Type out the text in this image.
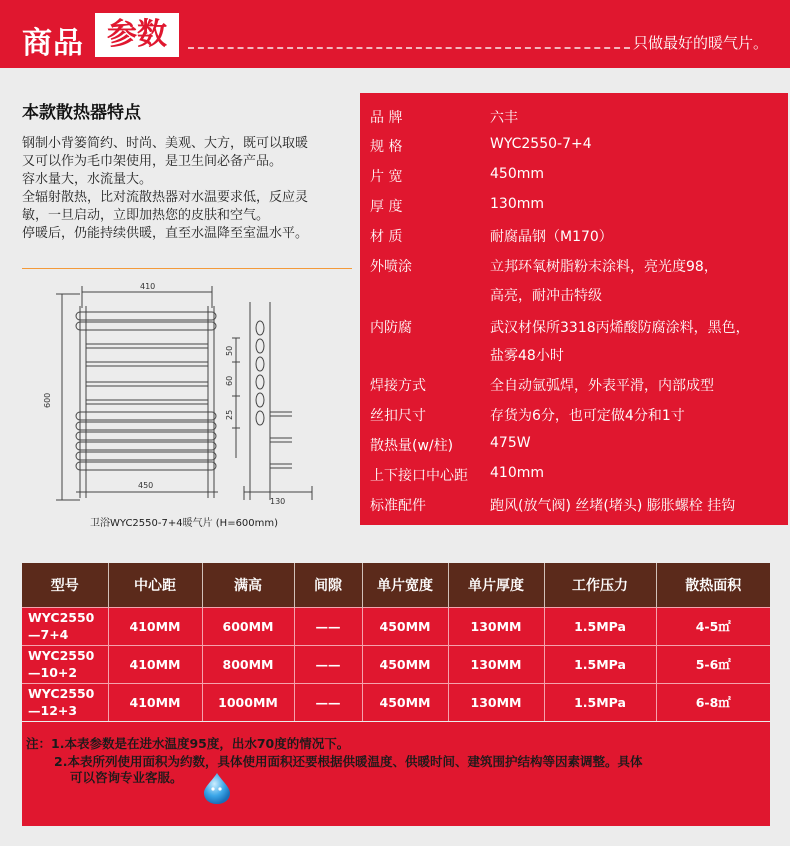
商品 参数	只做最好的暖气片。
本款散热器特点
钢制小背篓简约、时尚、美观、大方，既可以取暖
又可以作为毛巾架使用，是卫生间必备产品。
容水量大，水流量大。
全辐射散热，比对流散热器对水温要求低，反应灵
敏，一旦启动，立即加热您的皮肤和空气。
停暖后，仍能持续供暖，直至水温降至室温水平。
410
600
450
130
50
60
25
卫浴WYC2550-7+4暖气片 (H=600mm)
品 牌	六丰
规 格	WYC2550-7+4
片 宽	450mm
厚 度	130mm
材 质	耐腐晶钢（M170）
外喷涂	立邦环氧树脂粉末涂料，亮光度98，
高亮，耐冲击特级
内防腐	武汉材保所3318丙烯酸防腐涂料，黑色，
盐雾48小时
焊接方式	全自动氩弧焊，外表平滑，内部成型
丝扣尺寸	存货为6分，也可定做4分和1寸
散热量(w/柱)	475W
上下接口中心距 410mm
标准配件	跑风(放气阀) 丝堵(堵头) 膨胀螺栓 挂钩
型号	中心距	满高	间隙	单片宽度	单片厚度	工作压力	散热面积

WYC2550
—7+4	410MM	600MM	——	450MM	130MM	1.5MPa	4-5㎡

WYC2550
—10+2	410MM	800MM	——	450MM	130MM	1.5MPa	5-6㎡

WYC2550
—12+3	410MM	1000MM	——	450MM	130MM	1.5MPa	6-8㎡
注：1.本表参数是在进水温度95度，出水70度的情况下。
2.本表所列使用面积为约数，具体使用面积还要根据供暖温度、供暖时间、建筑围护结构等因素调整。具体
可以咨询专业客服。
